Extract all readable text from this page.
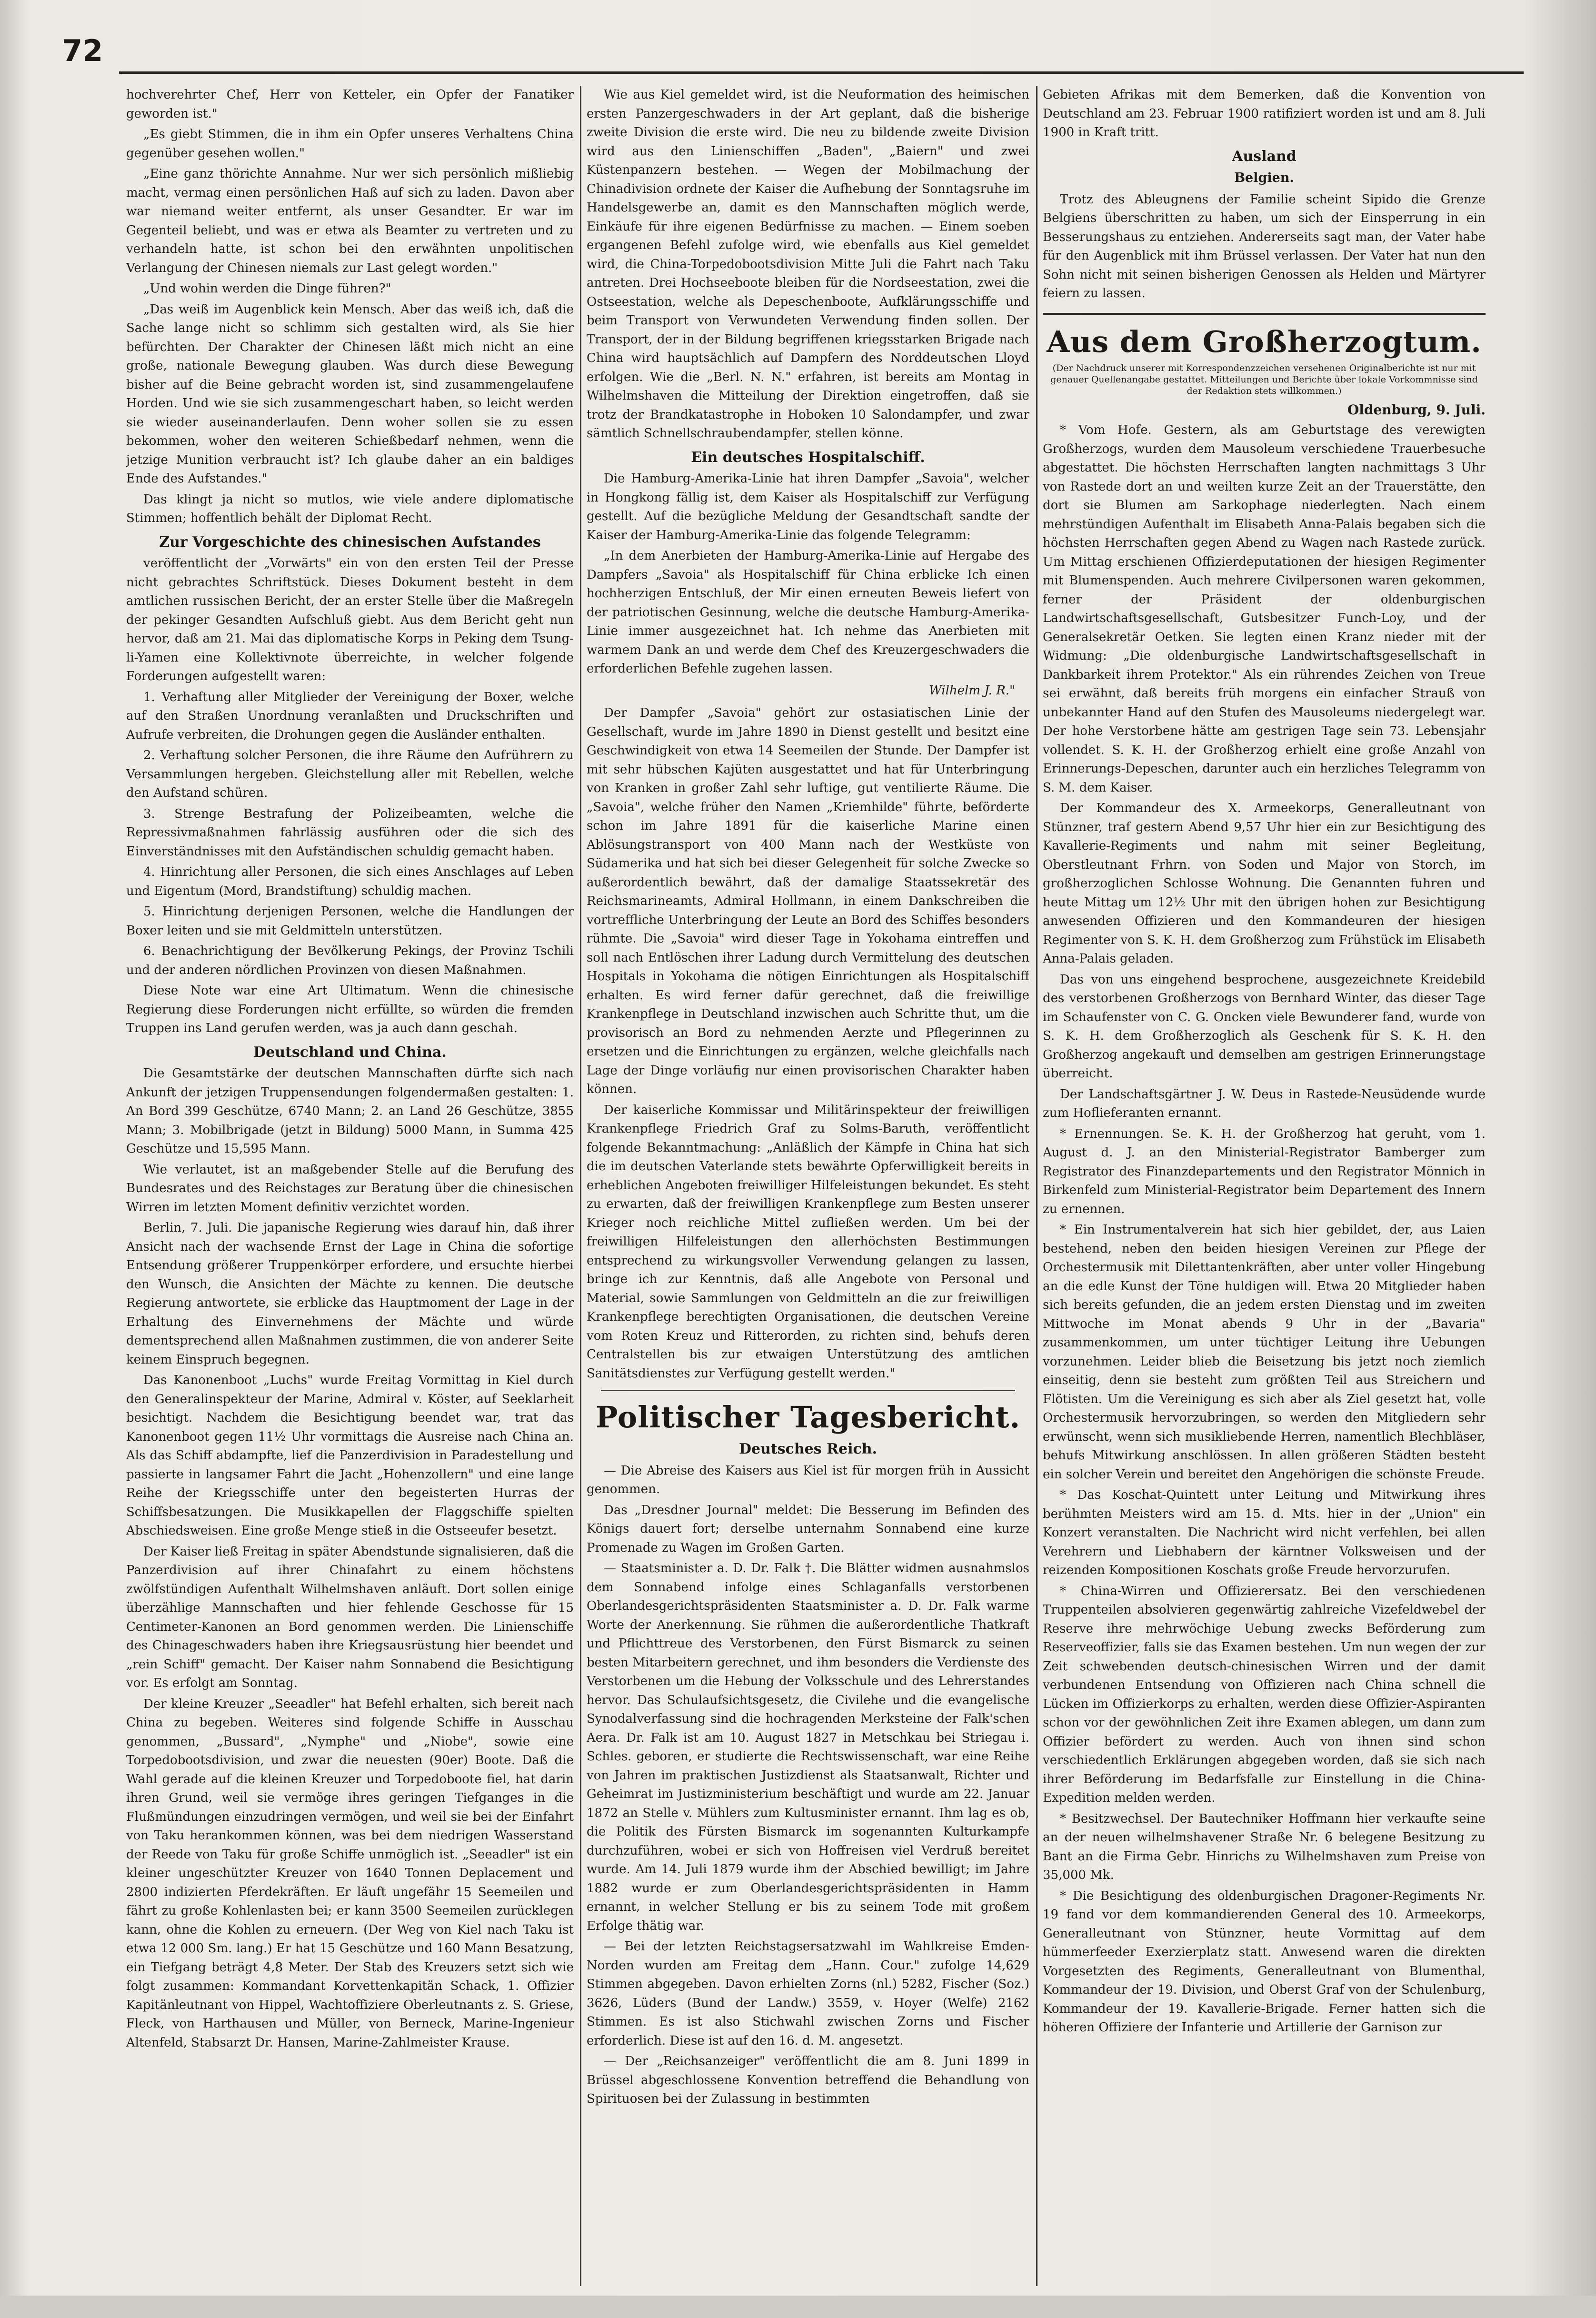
72

hochverehrter Chef, Herr von Ketteler, ein Opfer der Fanatiker geworden ist."

„Es giebt Stimmen, die in ihm ein Opfer unseres Verhaltens China gegenüber gesehen wollen."

„Eine ganz thörichte Annahme. Nur wer sich persönlich mißliebig macht, vermag einen persönlichen Haß auf sich zu laden. Davon aber war niemand weiter entfernt, als unser Gesandter. Er war im Gegenteil beliebt, und was er etwa als Beamter zu vertreten und zu verhandeln hatte, ist schon bei den erwähnten unpolitischen Verlangung der Chinesen niemals zur Last gelegt worden."

„Und wohin werden die Dinge führen?"

„Das weiß im Augenblick kein Mensch. Aber das weiß ich, daß die Sache lange nicht so schlimm sich gestalten wird, als Sie hier befürchten. Der Charakter der Chinesen läßt mich nicht an eine große, nationale Bewegung glauben. Was durch diese Bewegung bisher auf die Beine gebracht worden ist, sind zusammengelaufene Horden. Und wie sie sich zusammengeschart haben, so leicht werden sie wieder auseinanderlaufen. Denn woher sollen sie zu essen bekommen, woher den weiteren Schießbedarf nehmen, wenn die jetzige Munition verbraucht ist? Ich glaube daher an ein baldiges Ende des Aufstandes."

Das klingt ja nicht so mutlos, wie viele andere diplomatische Stimmen; hoffentlich behält der Diplomat Recht.

Zur Vorgeschichte des chinesischen Aufstandes

veröffentlicht der „Vorwärts" ein von den ersten Teil der Presse nicht gebrachtes Schriftstück. Dieses Dokument besteht in dem amtlichen russischen Bericht, der an erster Stelle über die Maßregeln der pekinger Gesandten Aufschluß giebt. Aus dem Bericht geht nun hervor, daß am 21. Mai das diplomatische Korps in Peking dem Tsung-li-Yamen eine Kollektivnote überreichte, in welcher folgende Forderungen aufgestellt waren:

1. Verhaftung aller Mitglieder der Vereinigung der Boxer, welche auf den Straßen Unordnung veranlaßten und Druckschriften und Aufrufe verbreiten, die Drohungen gegen die Ausländer enthalten.

2. Verhaftung solcher Personen, die ihre Räume den Aufrührern zu Versammlungen hergeben. Gleichstellung aller mit Rebellen, welche den Aufstand schüren.

3. Strenge Bestrafung der Polizeibeamten, welche die Repressivmaßnahmen fahrlässig ausführen oder die sich des Einverständnisses mit den Aufständischen schuldig gemacht haben.

4. Hinrichtung aller Personen, die sich eines Anschlages auf Leben und Eigentum (Mord, Brandstiftung) schuldig machen.

5. Hinrichtung derjenigen Personen, welche die Handlungen der Boxer leiten und sie mit Geldmitteln unterstützen.

6. Benachrichtigung der Bevölkerung Pekings, der Provinz Tschili und der anderen nördlichen Provinzen von diesen Maßnahmen.

Diese Note war eine Art Ultimatum. Wenn die chinesische Regierung diese Forderungen nicht erfüllte, so würden die fremden Truppen ins Land gerufen werden, was ja auch dann geschah.

Deutschland und China.

Die Gesamtstärke der deutschen Mannschaften dürfte sich nach Ankunft der jetzigen Truppensendungen folgendermaßen gestalten: 1. An Bord 399 Geschütze, 6740 Mann; 2. an Land 26 Geschütze, 3855 Mann; 3. Mobilbrigade (jetzt in Bildung) 5000 Mann, in Summa 425 Geschütze und 15,595 Mann.

Wie verlautet, ist an maßgebender Stelle auf die Berufung des Bundesrates und des Reichstages zur Beratung über die chinesischen Wirren im letzten Moment definitiv verzichtet worden.

Berlin, 7. Juli. Die japanische Regierung wies darauf hin, daß ihrer Ansicht nach der wachsende Ernst der Lage in China die sofortige Entsendung größerer Truppenkörper erfordere, und ersuchte hierbei den Wunsch, die Ansichten der Mächte zu kennen. Die deutsche Regierung antwortete, sie erblicke das Hauptmoment der Lage in der Erhaltung des Einvernehmens der Mächte und würde dementsprechend allen Maßnahmen zustimmen, die von anderer Seite keinem Einspruch begegnen.

Das Kanonenboot „Luchs" wurde Freitag Vormittag in Kiel durch den Generalinspekteur der Marine, Admiral v. Köster, auf Seeklarheit besichtigt. Nachdem die Besichtigung beendet war, trat das Kanonenboot gegen 11½ Uhr vormittags die Ausreise nach China an. Als das Schiff abdampfte, lief die Panzerdivision in Paradestellung und passierte in langsamer Fahrt die Jacht „Hohenzollern" und eine lange Reihe der Kriegsschiffe unter den begeisterten Hurras der Schiffsbesatzungen. Die Musikkapellen der Flaggschiffe spielten Abschiedsweisen. Eine große Menge stieß in die Ostseeufer besetzt.

Der Kaiser ließ Freitag in später Abendstunde signalisieren, daß die Panzerdivision auf ihrer Chinafahrt zu einem höchstens zwölfstündigen Aufenthalt Wilhelmshaven anläuft. Dort sollen einige überzählige Mannschaften und hier fehlende Geschosse für 15 Centimeter-Kanonen an Bord genommen werden. Die Linienschiffe des Chinageschwaders haben ihre Kriegsausrüstung hier beendet und „rein Schiff" gemacht. Der Kaiser nahm Sonnabend die Besichtigung vor. Es erfolgt am Sonntag.

Der kleine Kreuzer „Seeadler" hat Befehl erhalten, sich bereit nach China zu begeben. Weiteres sind folgende Schiffe in Ausschau genommen, „Bussard", „Nymphe" und „Niobe", sowie eine Torpedobootsdivision, und zwar die neuesten (90er) Boote. Daß die Wahl gerade auf die kleinen Kreuzer und Torpedoboote fiel, hat darin ihren Grund, weil sie vermöge ihres geringen Tiefganges in die Flußmündungen einzudringen vermögen, und weil sie bei der Einfahrt von Taku herankommen können, was bei dem niedrigen Wasserstand der Reede von Taku für große Schiffe unmöglich ist. „Seeadler" ist ein kleiner ungeschützter Kreuzer von 1640 Tonnen Deplacement und 2800 indizierten Pferdekräften. Er läuft ungefähr 15 Seemeilen und fährt zu große Kohlenlasten bei; er kann 3500 Seemeilen zurücklegen kann, ohne die Kohlen zu erneuern. (Der Weg von Kiel nach Taku ist etwa 12 000 Sm. lang.) Er hat 15 Geschütze und 160 Mann Besatzung, ein Tiefgang beträgt 4,8 Meter. Der Stab des Kreuzers setzt sich wie folgt zusammen: Kommandant Korvettenkapitän Schack, 1. Offizier Kapitänleutnant von Hippel, Wachtoffiziere Oberleutnants z. S. Griese, Fleck, von Harthausen und Müller, von Berneck, Marine-Ingenieur Altenfeld, Stabsarzt Dr. Hansen, Marine-Zahlmeister Krause.

Wie aus Kiel gemeldet wird, ist die Neuformation des heimischen ersten Panzergeschwaders in der Art geplant, daß die bisherige zweite Division die erste wird. Die neu zu bildende zweite Division wird aus den Linienschiffen „Baden", „Baiern" und zwei Küstenpanzern bestehen. — Wegen der Mobilmachung der Chinadivision ordnete der Kaiser die Aufhebung der Sonntagsruhe im Handelsgewerbe an, damit es den Mannschaften möglich werde, Einkäufe für ihre eigenen Bedürfnisse zu machen. — Einem soeben ergangenen Befehl zufolge wird, wie ebenfalls aus Kiel gemeldet wird, die China-Torpedobootsdivision Mitte Juli die Fahrt nach Taku antreten. Drei Hochseeboote bleiben für die Nordseestation, zwei die Ostseestation, welche als Depeschenboote, Aufklärungsschiffe und beim Transport von Verwundeten Verwendung finden sollen. Der Transport, der in der Bildung begriffenen kriegsstarken Brigade nach China wird hauptsächlich auf Dampfern des Norddeutschen Lloyd erfolgen. Wie die „Berl. N. N." erfahren, ist bereits am Montag in Wilhelmshaven die Mitteilung der Direktion eingetroffen, daß sie trotz der Brandkatastrophe in Hoboken 10 Salondampfer, und zwar sämtlich Schnellschraubendampfer, stellen könne.

Ein deutsches Hospitalschiff.

Die Hamburg-Amerika-Linie hat ihren Dampfer „Savoia", welcher in Hongkong fällig ist, dem Kaiser als Hospitalschiff zur Verfügung gestellt. Auf die bezügliche Meldung der Gesandtschaft sandte der Kaiser der Hamburg-Amerika-Linie das folgende Telegramm:

„In dem Anerbieten der Hamburg-Amerika-Linie auf Hergabe des Dampfers „Savoia" als Hospitalschiff für China erblicke Ich einen hochherzigen Entschluß, der Mir einen erneuten Beweis liefert von der patriotischen Gesinnung, welche die deutsche Hamburg-Amerika-Linie immer ausgezeichnet hat. Ich nehme das Anerbieten mit warmem Dank an und werde dem Chef des Kreuzergeschwaders die erforderlichen Befehle zugehen lassen.

Wilhelm J. R."

Der Dampfer „Savoia" gehört zur ostasiatischen Linie der Gesellschaft, wurde im Jahre 1890 in Dienst gestellt und besitzt eine Geschwindigkeit von etwa 14 Seemeilen der Stunde. Der Dampfer ist mit sehr hübschen Kajüten ausgestattet und hat für Unterbringung von Kranken in großer Zahl sehr luftige, gut ventilierte Räume. Die „Savoia", welche früher den Namen „Kriemhilde" führte, beförderte schon im Jahre 1891 für die kaiserliche Marine einen Ablösungstransport von 400 Mann nach der Westküste von Südamerika und hat sich bei dieser Gelegenheit für solche Zwecke so außerordentlich bewährt, daß der damalige Staatssekretär des Reichsmarineamts, Admiral Hollmann, in einem Dankschreiben die vortreffliche Unterbringung der Leute an Bord des Schiffes besonders rühmte. Die „Savoia" wird dieser Tage in Yokohama eintreffen und soll nach Entlöschen ihrer Ladung durch Vermittelung des deutschen Hospitals in Yokohama die nötigen Einrichtungen als Hospitalschiff erhalten. Es wird ferner dafür gerechnet, daß die freiwillige Krankenpflege in Deutschland inzwischen auch Schritte thut, um die provisorisch an Bord zu nehmenden Aerzte und Pflegerinnen zu ersetzen und die Einrichtungen zu ergänzen, welche gleichfalls nach Lage der Dinge vorläufig nur einen provisorischen Charakter haben können.

Der kaiserliche Kommissar und Militärinspekteur der freiwilligen Krankenpflege Friedrich Graf zu Solms-Baruth, veröffentlicht folgende Bekanntmachung: „Anläßlich der Kämpfe in China hat sich die im deutschen Vaterlande stets bewährte Opferwilligkeit bereits in erheblichen Angeboten freiwilliger Hilfeleistungen bekundet. Es steht zu erwarten, daß der freiwilligen Krankenpflege zum Besten unserer Krieger noch reichliche Mittel zufließen werden. Um bei der freiwilligen Hilfeleistungen den allerhöchsten Bestimmungen entsprechend zu wirkungsvoller Verwendung gelangen zu lassen, bringe ich zur Kenntnis, daß alle Angebote von Personal und Material, sowie Sammlungen von Geldmitteln an die zur freiwilligen Krankenpflege berechtigten Organisationen, die deutschen Vereine vom Roten Kreuz und Ritterorden, zu richten sind, behufs deren Centralstellen bis zur etwaigen Unterstützung des amtlichen Sanitätsdienstes zur Verfügung gestellt werden."

Politischer Tagesbericht.
Deutsches Reich.

— Die Abreise des Kaisers aus Kiel ist für morgen früh in Aussicht genommen.

Das „Dresdner Journal" meldet: Die Besserung im Befinden des Königs dauert fort; derselbe unternahm Sonnabend eine kurze Promenade zu Wagen im Großen Garten.

— Staatsminister a. D. Dr. Falk †. Die Blätter widmen ausnahmslos dem Sonnabend infolge eines Schlaganfalls verstorbenen Oberlandesgerichtspräsidenten Staatsminister a. D. Dr. Falk warme Worte der Anerkennung. Sie rühmen die außerordentliche Thatkraft und Pflichttreue des Verstorbenen, den Fürst Bismarck zu seinen besten Mitarbeitern gerechnet, und ihm besonders die Verdienste des Verstorbenen um die Hebung der Volksschule und des Lehrerstandes hervor. Das Schulaufsichtsgesetz, die Civilehe und die evangelische Synodalverfassung sind die hochragenden Merksteine der Falk'schen Aera. Dr. Falk ist am 10. August 1827 in Metschkau bei Striegau i. Schles. geboren, er studierte die Rechtswissenschaft, war eine Reihe von Jahren im praktischen Justizdienst als Staatsanwalt, Richter und Geheimrat im Justizministerium beschäftigt und wurde am 22. Januar 1872 an Stelle v. Mühlers zum Kultusminister ernannt. Ihm lag es ob, die Politik des Fürsten Bismarck im sogenannten Kulturkampfe durchzuführen, wobei er sich von Hoffreisen viel Verdruß bereitet wurde. Am 14. Juli 1879 wurde ihm der Abschied bewilligt; im Jahre 1882 wurde er zum Oberlandesgerichtspräsidenten in Hamm ernannt, in welcher Stellung er bis zu seinem Tode mit großem Erfolge thätig war.

— Bei der letzten Reichstagsersatzwahl im Wahlkreise Emden-Norden wurden am Freitag dem „Hann. Cour." zufolge 14,629 Stimmen abgegeben. Davon erhielten Zorns (nl.) 5282, Fischer (Soz.) 3626, Lüders (Bund der Landw.) 3559, v. Hoyer (Welfe) 2162 Stimmen. Es ist also Stichwahl zwischen Zorns und Fischer erforderlich. Diese ist auf den 16. d. M. angesetzt.

— Der „Reichsanzeiger" veröffentlicht die am 8. Juni 1899 in Brüssel abgeschlossene Konvention betreffend die Behandlung von Spirituosen bei der Zulassung in bestimmten

Gebieten Afrikas mit dem Bemerken, daß die Konvention von Deutschland am 23. Februar 1900 ratifiziert worden ist und am 8. Juli 1900 in Kraft tritt.

Ausland
Belgien.

Trotz des Ableugnens der Familie scheint Sipido die Grenze Belgiens überschritten zu haben, um sich der Einsperrung in ein Besserungshaus zu entziehen. Andererseits sagt man, der Vater habe für den Augenblick mit ihm Brüssel verlassen. Der Vater hat nun den Sohn nicht mit seinen bisherigen Genossen als Helden und Märtyrer feiern zu lassen.

Aus dem Großherzogtum.
(Der Nachdruck unserer mit Korrespondenzzeichen versehenen Originalberichte ist nur mit genauer Quellenangabe gestattet. Mitteilungen und Berichte über lokale Vorkommnisse sind der Redaktion stets willkommen.)
Oldenburg, 9. Juli.

* Vom Hofe. Gestern, als am Geburtstage des verewigten Großherzogs, wurden dem Mausoleum verschiedene Trauerbesuche abgestattet. Die höchsten Herrschaften langten nachmittags 3 Uhr von Rastede dort an und weilten kurze Zeit an der Trauerstätte, den dort sie Blumen am Sarkophage niederlegten. Nach einem mehrstündigen Aufenthalt im Elisabeth Anna-Palais begaben sich die höchsten Herrschaften gegen Abend zu Wagen nach Rastede zurück. Um Mittag erschienen Offizierdeputationen der hiesigen Regimenter mit Blumenspenden. Auch mehrere Civilpersonen waren gekommen, ferner der Präsident der oldenburgischen Landwirtschaftsgesellschaft, Gutsbesitzer Funch-Loy, und der Generalsekretär Oetken. Sie legten einen Kranz nieder mit der Widmung: „Die oldenburgische Landwirtschaftsgesellschaft in Dankbarkeit ihrem Protektor." Als ein rührendes Zeichen von Treue sei erwähnt, daß bereits früh morgens ein einfacher Strauß von unbekannter Hand auf den Stufen des Mausoleums niedergelegt war. Der hohe Verstorbene hätte am gestrigen Tage sein 73. Lebensjahr vollendet. S. K. H. der Großherzog erhielt eine große Anzahl von Erinnerungs-Depeschen, darunter auch ein herzliches Telegramm von S. M. dem Kaiser.

Der Kommandeur des X. Armeekorps, Generalleutnant von Stünzner, traf gestern Abend 9,57 Uhr hier ein zur Besichtigung des Kavallerie-Regiments und nahm mit seiner Begleitung, Oberstleutnant Frhrn. von Soden und Major von Storch, im großherzoglichen Schlosse Wohnung. Die Genannten fuhren und heute Mittag um 12½ Uhr mit den übrigen hohen zur Besichtigung anwesenden Offizieren und den Kommandeuren der hiesigen Regimenter von S. K. H. dem Großherzog zum Frühstück im Elisabeth Anna-Palais geladen.

Das von uns eingehend besprochene, ausgezeichnete Kreidebild des verstorbenen Großherzogs von Bernhard Winter, das dieser Tage im Schaufenster von C. G. Oncken viele Bewunderer fand, wurde von S. K. H. dem Großherzoglich als Geschenk für S. K. H. den Großherzog angekauft und demselben am gestrigen Erinnerungstage überreicht.

Der Landschaftsgärtner J. W. Deus in Rastede-Neusüdende wurde zum Hoflieferanten ernannt.

* Ernennungen. Se. K. H. der Großherzog hat geruht, vom 1. August d. J. an den Ministerial-Registrator Bamberger zum Registrator des Finanzdepartements und den Registrator Mönnich in Birkenfeld zum Ministerial-Registrator beim Departement des Innern zu ernennen.

* Ein Instrumentalverein hat sich hier gebildet, der, aus Laien bestehend, neben den beiden hiesigen Vereinen zur Pflege der Orchestermusik mit Dilettantenkräften, aber unter voller Hingebung an die edle Kunst der Töne huldigen will. Etwa 20 Mitglieder haben sich bereits gefunden, die an jedem ersten Dienstag und im zweiten Mittwoche im Monat abends 9 Uhr in der „Bavaria" zusammenkommen, um unter tüchtiger Leitung ihre Uebungen vorzunehmen. Leider blieb die Beisetzung bis jetzt noch ziemlich einseitig, denn sie besteht zum größten Teil aus Streichern und Flötisten. Um die Vereinigung es sich aber als Ziel gesetzt hat, volle Orchestermusik hervorzubringen, so werden den Mitgliedern sehr erwünscht, wenn sich musikliebende Herren, namentlich Blechbläser, behufs Mitwirkung anschlössen. In allen größeren Städten besteht ein solcher Verein und bereitet den Angehörigen die schönste Freude.

* Das Koschat-Quintett unter Leitung und Mitwirkung ihres berühmten Meisters wird am 15. d. Mts. hier in der „Union" ein Konzert veranstalten. Die Nachricht wird nicht verfehlen, bei allen Verehrern und Liebhabern der kärntner Volksweisen und der reizenden Kompositionen Koschats große Freude hervorzurufen.

* China-Wirren und Offizierersatz. Bei den verschiedenen Truppenteilen absolvieren gegenwärtig zahlreiche Vizefeldwebel der Reserve ihre mehrwöchige Uebung zwecks Beförderung zum Reserveoffizier, falls sie das Examen bestehen. Um nun wegen der zur Zeit schwebenden deutsch-chinesischen Wirren und der damit verbundenen Entsendung von Offizieren nach China schnell die Lücken im Offizierkorps zu erhalten, werden diese Offizier-Aspiranten schon vor der gewöhnlichen Zeit ihre Examen ablegen, um dann zum Offizier befördert zu werden. Auch von ihnen sind schon verschiedentlich Erklärungen abgegeben worden, daß sie sich nach ihrer Beförderung im Bedarfsfalle zur Einstellung in die China-Expedition melden werden.

* Besitzwechsel. Der Bautechniker Hoffmann hier verkaufte seine an der neuen wilhelmshavener Straße Nr. 6 belegene Besitzung zu Bant an die Firma Gebr. Hinrichs zu Wilhelmshaven zum Preise von 35,000 Mk.

* Die Besichtigung des oldenburgischen Dragoner-Regiments Nr. 19 fand vor dem kommandierenden General des 10. Armeekorps, Generalleutnant von Stünzner, heute Vormittag auf dem hümmerfeeder Exerzierplatz statt. Anwesend waren die direkten Vorgesetzten des Regiments, Generalleutnant von Blumenthal, Kommandeur der 19. Division, und Oberst Graf von der Schulenburg, Kommandeur der 19. Kavallerie-Brigade. Ferner hatten sich die höheren Offiziere der Infanterie und Artillerie der Garnison zur
